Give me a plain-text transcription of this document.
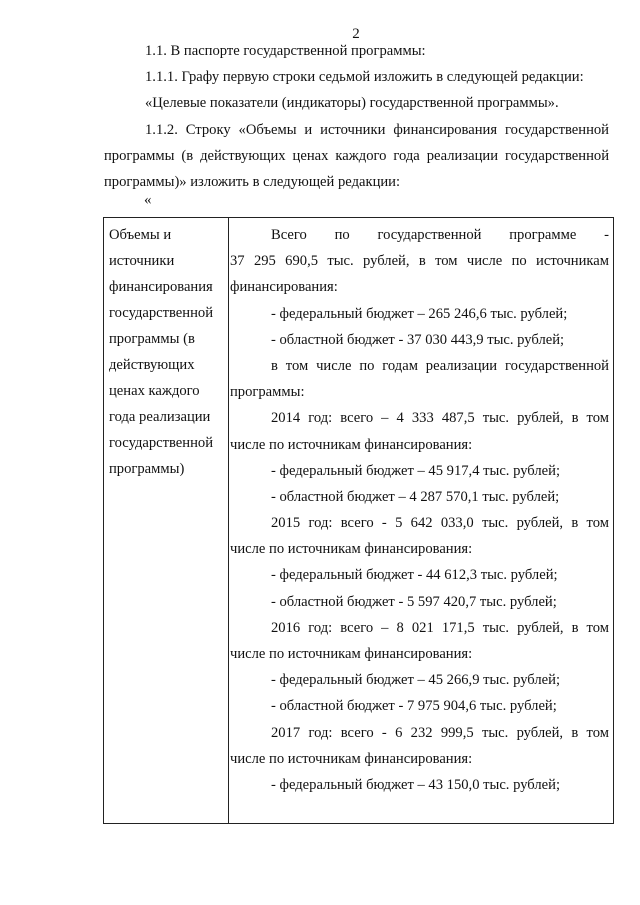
2
1.1. В паспорте государственной программы:
1.1.1. Графу первую строки седьмой изложить в следующей редакции:
«Целевые показатели (индикаторы) государственной программы».
1.1.2. Строку «Объемы и источники финансирования государственной
программы (в действующих ценах каждого года реализации государственной
программы)» изложить в следующей редакции:
«
Объемы и
источники
финансирования
государственной
программы (в
действующих
ценах каждого
года реализации
государственной
программы)
Всего по государственной программе -
37 295 690,5 тыс. рублей, в том числе по источникам
финансирования:
- федеральный бюджет – 265 246,6 тыс. рублей;
- областной бюджет - 37 030 443,9 тыс. рублей;
в том числе по годам реализации государственной
программы:
2014 год: всего – 4 333 487,5 тыс. рублей, в том
числе по источникам финансирования:
- федеральный бюджет – 45 917,4 тыс. рублей;
- областной бюджет – 4 287 570,1 тыс. рублей;
2015 год: всего - 5 642 033,0 тыс. рублей, в том
числе по источникам финансирования:
- федеральный бюджет - 44 612,3 тыс. рублей;
- областной бюджет - 5 597 420,7 тыс. рублей;
2016 год: всего – 8 021 171,5 тыс. рублей, в том
числе по источникам финансирования:
- федеральный бюджет – 45 266,9 тыс. рублей;
- областной бюджет - 7 975 904,6 тыс. рублей;
2017 год: всего - 6 232 999,5 тыс. рублей, в том
числе по источникам финансирования:
- федеральный бюджет – 43 150,0 тыс. рублей;
